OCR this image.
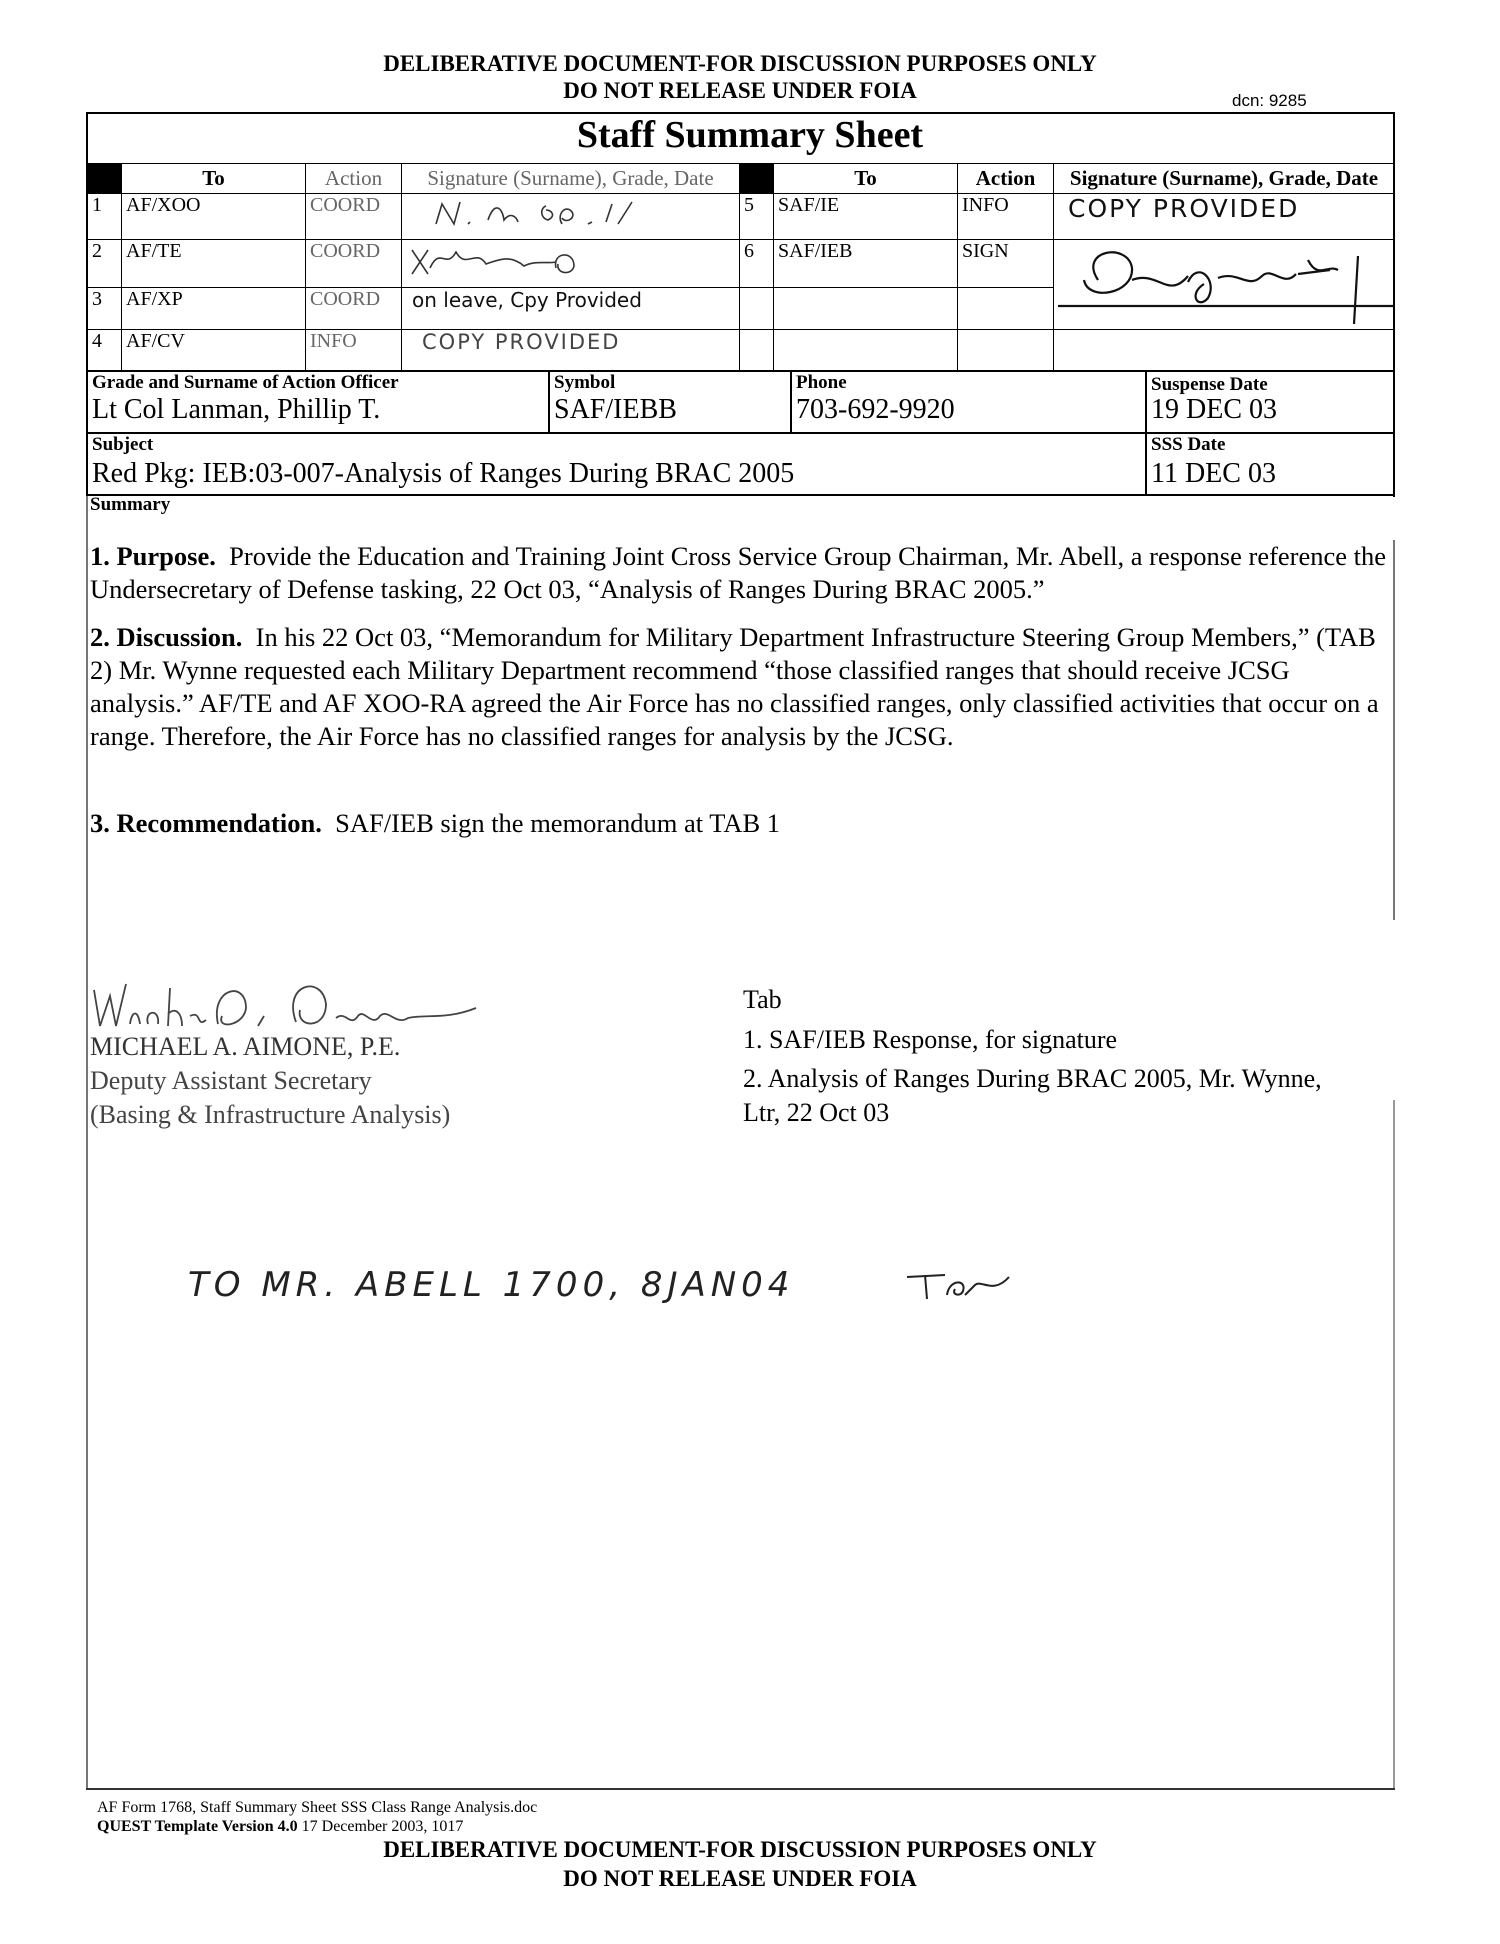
DELIBERATIVE DOCUMENT-FOR DISCUSSION PURPOSES ONLY
DO NOT RELEASE UNDER FOIA	dcn: 9285
Staff Summary Sheet
	To	Action	Signature (Surname), Grade, Date		To	Action	Signature (Surname), Grade, Date
1	AF/XOO	COORD		5	SAF/IE	INFO	COPY PROVIDED
2	AF/TE	COORD		6	SAF/IEB	SIGN	
3	AF/XP	COORD	on leave, Cpy Provided				
4	AF/CV	INFO	COPY PROVIDED				
Grade and Surname of Action Officer
Lt Col Lanman, Phillip T.
Symbol
SAF/IEBB
Phone
703-692-9920
Suspense Date
19 DEC 03
Subject
Red Pkg: IEB:03-007-Analysis of Ranges During BRAC 2005
SSS Date
11 DEC 03
Summary
1. Purpose. Provide the Education and Training Joint Cross Service Group Chairman, Mr. Abell, a response reference the Undersecretary of Defense tasking, 22 Oct 03, “Analysis of Ranges During BRAC 2005.”
2. Discussion. In his 22 Oct 03, “Memorandum for Military Department Infrastructure Steering Group Members,” (TAB 2) Mr. Wynne requested each Military Department recommend “those classified ranges that should receive JCSG analysis.” AF/TE and AF XOO-RA agreed the Air Force has no classified ranges, only classified activities that occur on a range. Therefore, the Air Force has no classified ranges for analysis by the JCSG.
3. Recommendation. SAF/IEB sign the memorandum at TAB 1
MICHAEL A. AIMONE, P.E.
Deputy Assistant Secretary
(Basing & Infrastructure Analysis)
Tab
1. SAF/IEB Response, for signature
2. Analysis of Ranges During BRAC 2005, Mr. Wynne, Ltr, 22 Oct 03
TO MR. ABELL 1700, 8JAN04
AF Form 1768, Staff Summary Sheet SSS Class Range Analysis.doc
QUEST Template Version 4.0 17 December 2003, 1017
DELIBERATIVE DOCUMENT-FOR DISCUSSION PURPOSES ONLY
DO NOT RELEASE UNDER FOIA
